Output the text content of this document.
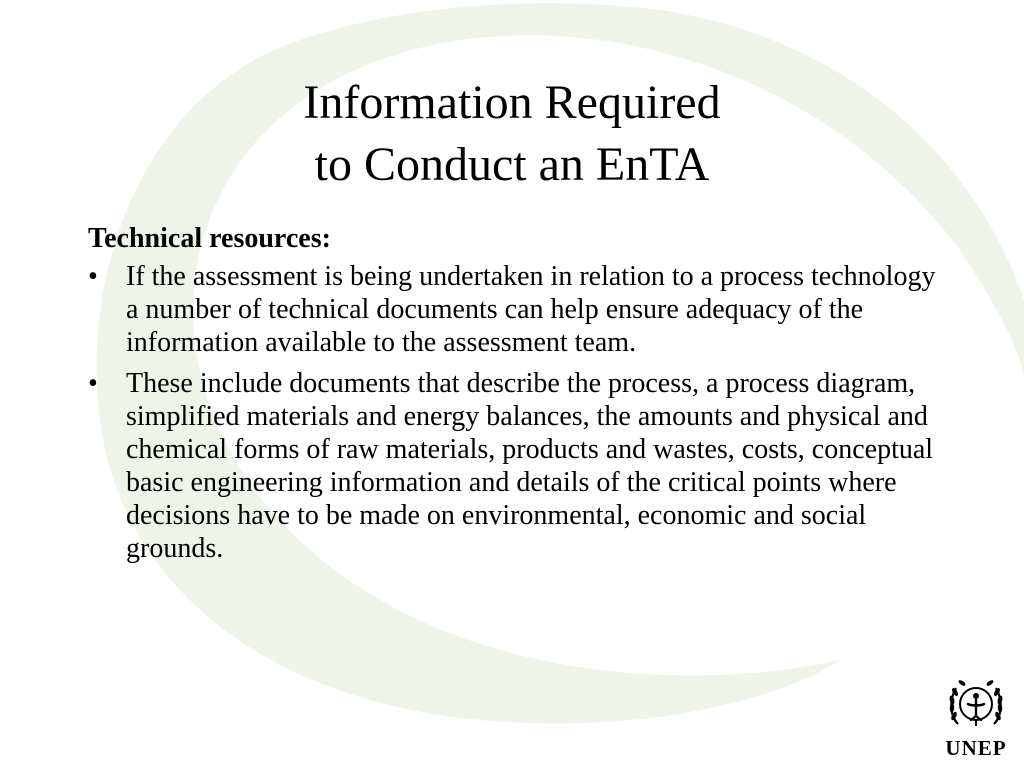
Information Required
to Conduct an EnTA

Technical resources:

•	If the assessment is being undertaken in relation to a process technology a number of technical documents can help ensure adequacy of the information available to the assessment team.
•	These include documents that describe the process, a process diagram, simplified materials and energy balances, the amounts and physical and chemical forms of raw materials, products and wastes, costs, conceptual basic engineering information and details of the critical points where decisions have to be made on environmental, economic and social grounds.
UNEP
